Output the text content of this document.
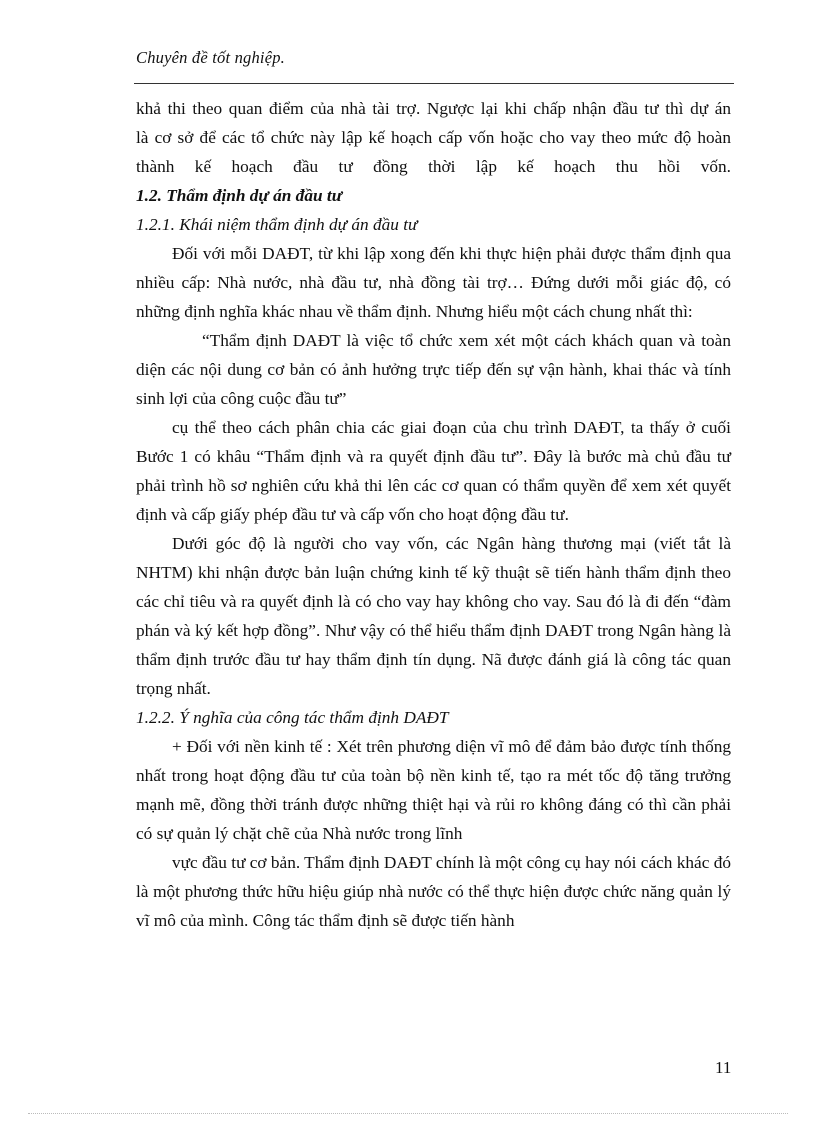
Chuyên đề tốt nghiệp.

khả thi theo quan điểm của nhà tài trợ. Ngược lại khi chấp nhận đầu tư thì dự án

là cơ sở để các tổ chức này lập kế hoạch cấp vốn hoặc cho vay theo mức độ hoàn

thành kế hoạch đầu tư đồng thời lập kế hoạch thu hồi vốn.

1.2. Thẩm định dự án đầu tư

1.2.1. Khái niệm thẩm định dự án đầu tư

Đối với mỗi DAĐT, từ khi lập xong đến khi thực hiện phải được thẩm định qua nhiều cấp: Nhà nước, nhà đầu tư, nhà đồng tài trợ… Đứng dưới mỗi giác độ, có những định nghĩa khác nhau về thẩm định. Nhưng hiểu một cách chung nhất thì:

“Thẩm định DAĐT là việc tổ chức xem xét một cách khách quan và toàn diện các nội dung cơ bản có ảnh hưởng trực tiếp đến sự vận hành, khai thác và tính sinh lợi của công cuộc đầu tư”

cụ thể theo cách phân chia các giai đoạn của chu trình DAĐT, ta thấy ở cuối Bước 1 có khâu “Thẩm định và ra quyết định đầu tư”. Đây là bước mà chủ đầu tư phải trình hồ sơ nghiên cứu khả thi lên các cơ quan có thẩm quyền để xem xét quyết định và cấp giấy phép đầu tư và cấp vốn cho hoạt động đầu tư.

Dưới góc độ là người cho vay vốn, các Ngân hàng thương mại (viết tắt là NHTM) khi nhận được bản luận chứng kinh tế kỹ thuật sẽ tiến hành thẩm định theo các chỉ tiêu và ra quyết định là có cho vay hay không cho vay. Sau đó là đi đến “đàm phán và ký kết hợp đồng”. Như vậy có thể hiểu thẩm định DAĐT trong Ngân hàng là thẩm định trước đầu tư hay thẩm định tín dụng. Nã được đánh giá là công tác quan trọng nhất.

1.2.2. Ý nghĩa của công tác thẩm định DAĐT

+ Đối với nền kinh tế : Xét trên phương diện vĩ mô để đảm bảo được tính thống nhất trong hoạt động đầu tư của toàn bộ nền kinh tế, tạo ra mét tốc độ tăng trưởng mạnh mẽ, đồng thời tránh được những thiệt hại và rủi ro không đáng có thì cần phải có sự quản lý chặt chẽ của Nhà nước trong lĩnh

vực đầu tư cơ bản. Thẩm định DAĐT chính là một công cụ hay nói cách khác đó là một phương thức hữu hiệu giúp nhà nước có thể thực hiện được chức năng quản lý vĩ mô của mình. Công tác thẩm định sẽ được tiến hành

11
